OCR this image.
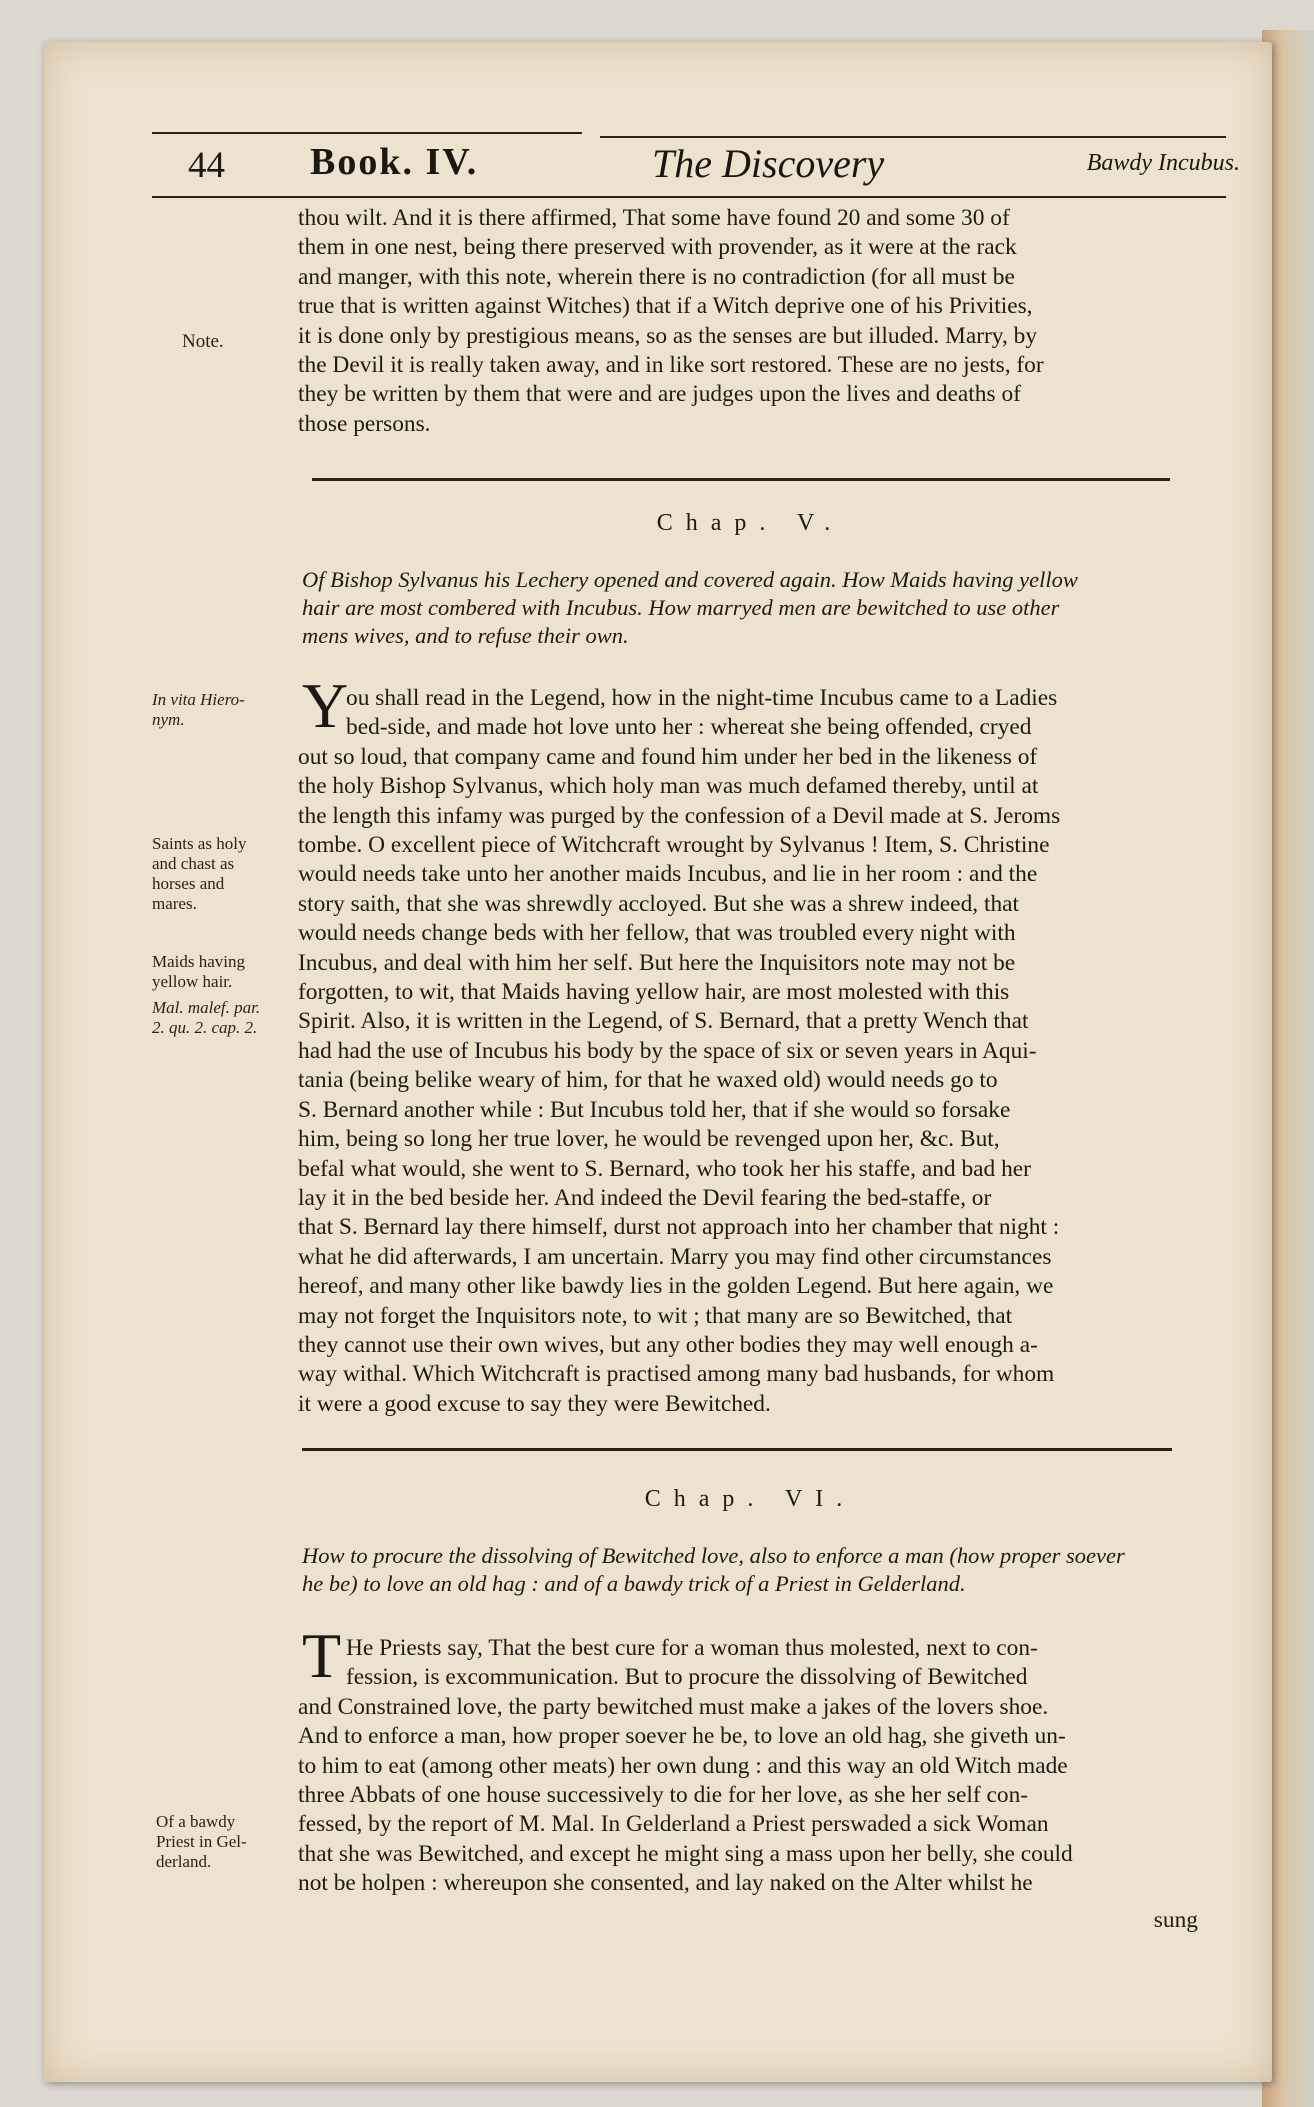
44 Book. IV.	The Discovery	Bawdy Incubus.
thou wilt. And it is there affirmed, That some have found 20 and some 30 of
them in one nest, being there preserved with provender, as it were at the rack
and manger, with this note, wherein there is no contradiction (for all must be
true that is written against Witches) that if a Witch deprive one of his Privities,
it is done only by prestigious means, so as the senses are but illuded. Marry, by
the Devil it is really taken away, and in like sort restored. These are no jests, for
they be written by them that were and are judges upon the lives and deaths of
those persons.
Note.
Chap. V.
Of Bishop Sylvanus his Lechery opened and covered again. How Maids having yellow
hair are most combered with Incubus. How marryed men are bewitched to use other
mens wives, and to refuse their own.
Y
ou shall read in the Legend, how in the night-time Incubus came to a Ladies
bed-side, and made hot love unto her : whereat she being offended, cryed
out so loud, that company came and found him under her bed in the likeness of
the holy Bishop Sylvanus, which holy man was much defamed thereby, until at
the length this infamy was purged by the confession of a Devil made at S. Jeroms
tombe. O excellent piece of Witchcraft wrought by Sylvanus ! Item, S. Christine
would needs take unto her another maids Incubus, and lie in her room : and the
story saith, that she was shrewdly accloyed. But she was a shrew indeed, that
would needs change beds with her fellow, that was troubled every night with
Incubus, and deal with him her self. But here the Inquisitors note may not be
forgotten, to wit, that Maids having yellow hair, are most molested with this
Spirit. Also, it is written in the Legend, of S. Bernard, that a pretty Wench that
had had the use of Incubus his body by the space of six or seven years in Aqui-
tania (being belike weary of him, for that he waxed old) would needs go to
S. Bernard another while : But Incubus told her, that if she would so forsake
him, being so long her true lover, he would be revenged upon her, &c. But,
befal what would, she went to S. Bernard, who took her his staffe, and bad her
lay it in the bed beside her. And indeed the Devil fearing the bed-staffe, or
that S. Bernard lay there himself, durst not approach into her chamber that night :
what he did afterwards, I am uncertain. Marry you may find other circumstances
hereof, and many other like bawdy lies in the golden Legend. But here again, we
may not forget the Inquisitors note, to wit ; that many are so Bewitched, that
they cannot use their own wives, but any other bodies they may well enough a-
way withal. Which Witchcraft is practised among many bad husbands, for whom
it were a good excuse to say they were Bewitched.
In vita Hiero-
nym.
Saints as holy
and chast as
horses and
mares.
Maids having
yellow hair.
Mal. malef. par.
2. qu. 2. cap. 2.
Chap. VI.
How to procure the dissolving of Bewitched love, also to enforce a man (how proper soever
he be) to love an old hag : and of a bawdy trick of a Priest in Gelderland.
T He Priests say, That the best cure for a woman thus molested, next to con-
fession, is excommunication. But to procure the dissolving of Bewitched
and Constrained love, the party bewitched must make a jakes of the lovers shoe.
And to enforce a man, how proper soever he be, to love an old hag, she giveth un-
to him to eat (among other meats) her own dung : and this way an old Witch made
three Abbats of one house successively to die for her love, as she her self con-
fessed, by the report of M. Mal. In Gelderland a Priest perswaded a sick Woman
that she was Bewitched, and except he might sing a mass upon her belly, she could
not be holpen : whereupon she consented, and lay naked on the Alter whilst he
sung
Of a bawdy
Priest in Gel-
derland.
